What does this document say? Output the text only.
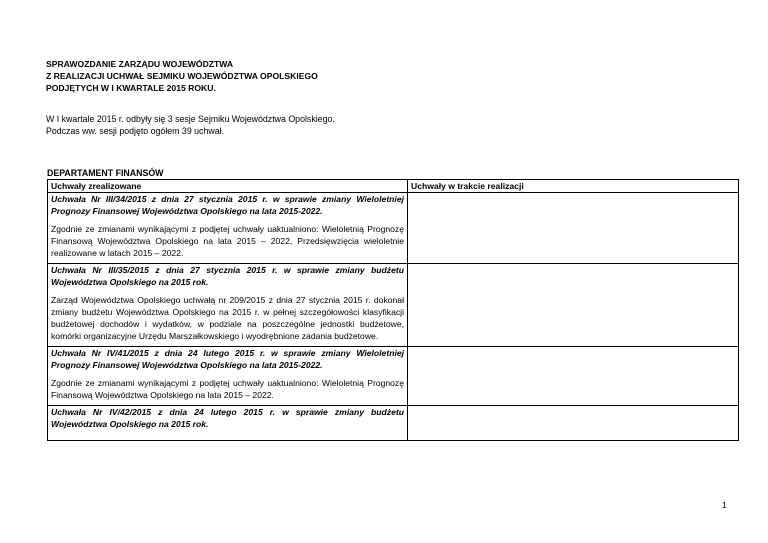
SPRAWOZDANIE ZARZĄDU WOJEWÓDZTWA
Z REALIZACJI UCHWAŁ SEJMIKU WOJEWÓDZTWA OPOLSKIEGO
PODJĘTYCH W I KWARTALE 2015 ROKU.
W I kwartale 2015 r. odbyły się 3 sesje Sejmiku Województwa Opolskiego.
Podczas ww. sesji podjęto ogółem 39 uchwał.
DEPARTAMENT FINANSÓW
Uchwały zrealizowane	Uchwały w trakcie realizacji

Uchwała Nr III/34/2015 z dnia 27 stycznia 2015 r. w sprawie zmiany Wieloletniej Prognozy Finansowej Województwa Opolskiego na lata 2015-2022.
Zgodnie ze zmianami wynikającymi z podjętej uchwały uaktualniono: Wieloletnią Prognozę Finansową Województwa Opolskiego na lata 2015 – 2022, Przedsięwzięcia wieloletnie realizowane w latach 2015 – 2022.	

Uchwała Nr III/35/2015 z dnia 27 stycznia 2015 r. w sprawie zmiany budżetu Województwa Opolskiego na 2015 rok.
Zarząd Województwa Opolskiego uchwałą nr 209/2015 z dnia 27 stycznia 2015 r. dokonał zmiany budżetu Województwa Opolskiego na 2015 r. w pełnej szczegółowości klasyfikacji budżetowej dochodów i wydatków, w podziale na poszczególne jednostki budżetowe, komórki organizacyjne Urzędu Marszałkowskiego i wyodrębnione zadania budżetowe.	

Uchwała Nr IV/41/2015 z dnia 24 lutego 2015 r. w sprawie zmiany Wieloletniej Prognozy Finansowej Województwa Opolskiego na lata 2015-2022.
Zgodnie ze zmianami wynikającymi z podjętej uchwały uaktualniono: Wieloletnią Prognozę Finansową Województwa Opolskiego na lata 2015 – 2022.	

Uchwała Nr IV/42/2015 z dnia 24 lutego 2015 r. w sprawie zmiany budżetu Województwa Opolskiego na 2015 rok.	

1
